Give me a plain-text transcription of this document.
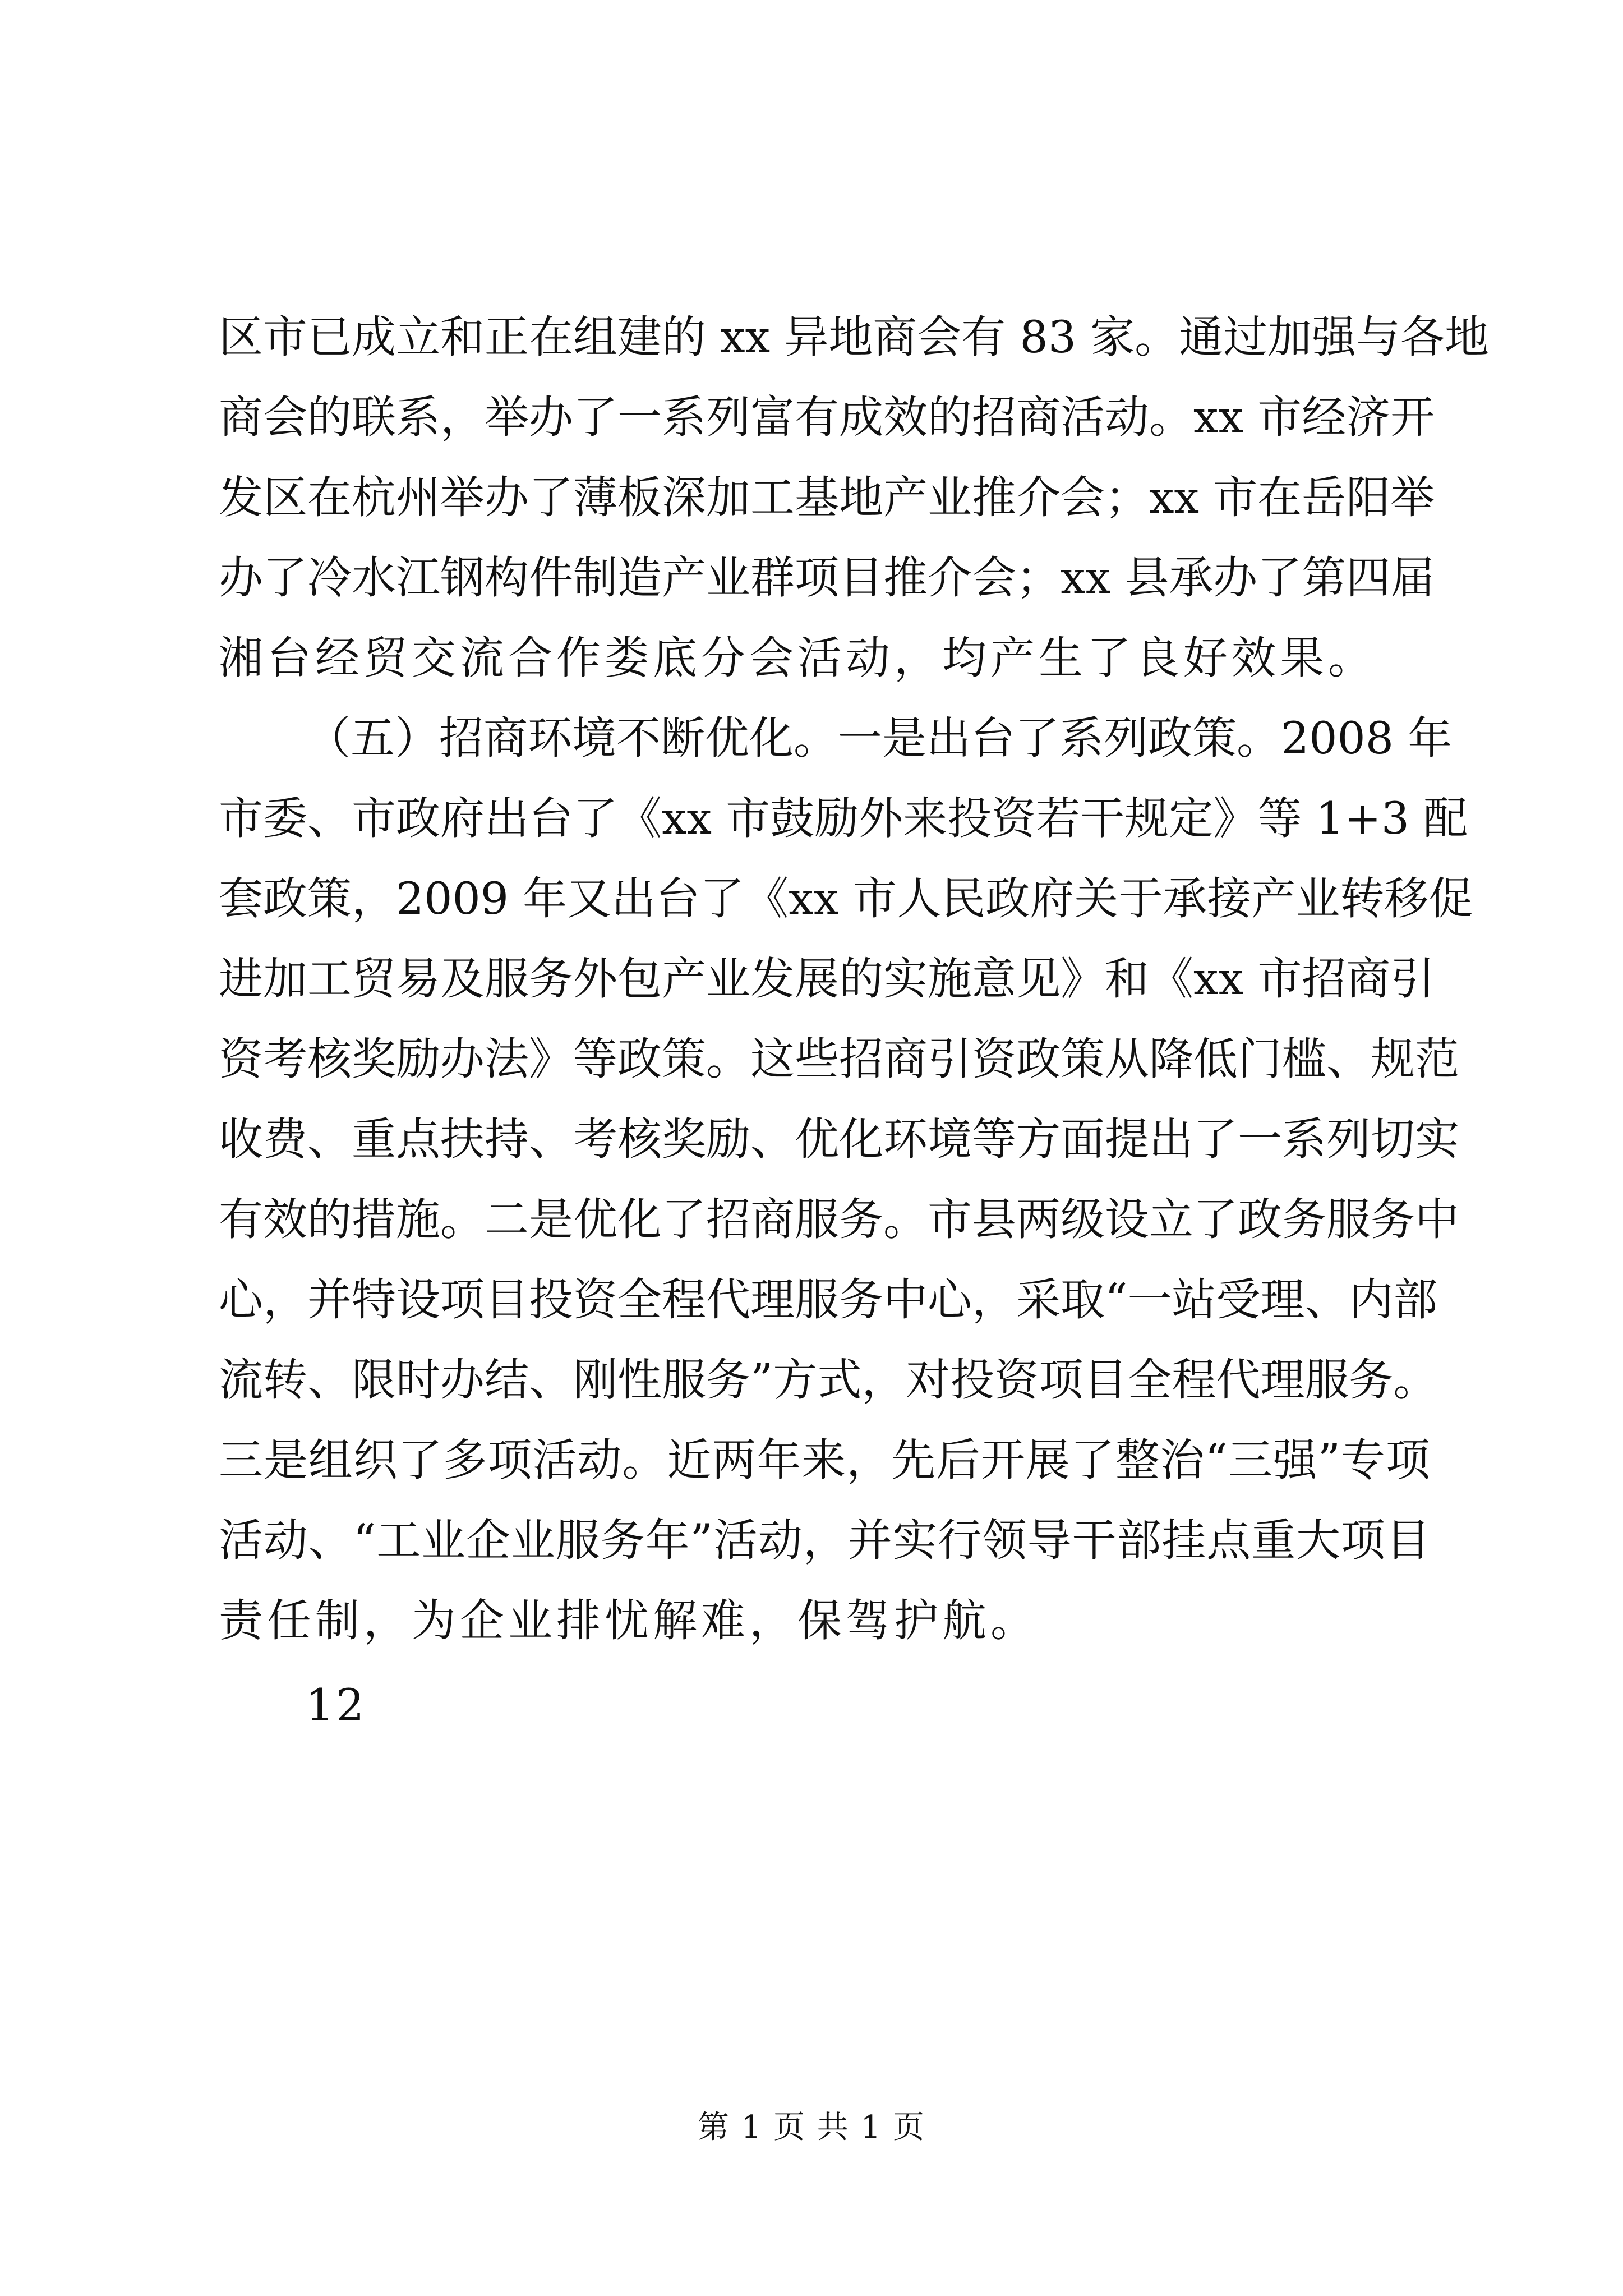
区市已成立和正在组建的 xx 异地商会有 83 家。通过加强与各地
商会的联系，举办了一系列富有成效的招商活动。xx 市经济开
发区在杭州举办了薄板深加工基地产业推介会；xx 市在岳阳举
办了冷水江钢构件制造产业群项目推介会；xx 县承办了第四届
湘台经贸交流合作娄底分会活动，均产生了良好效果。
（五）招商环境不断优化。一是出台了系列政策。2008 年
市委、市政府出台了《xx 市鼓励外来投资若干规定》等 1+3 配
套政策，2009 年又出台了《xx 市人民政府关于承接产业转移促
进加工贸易及服务外包产业发展的实施意见》和《xx 市招商引
资考核奖励办法》等政策。这些招商引资政策从降低门槛、规范
收费、重点扶持、考核奖励、优化环境等方面提出了一系列切实
有效的措施。二是优化了招商服务。市县两级设立了政务服务中
心，并特设项目投资全程代理服务中心，采取“一站受理、内部
流转、限时办结、刚性服务”方式，对投资项目全程代理服务。
三是组织了多项活动。近两年来，先后开展了整治“三强”专项
活动、“工业企业服务年”活动，并实行领导干部挂点重大项目
责任制，为企业排忧解难，保驾护航。
12
第 1 页 共 1 页
